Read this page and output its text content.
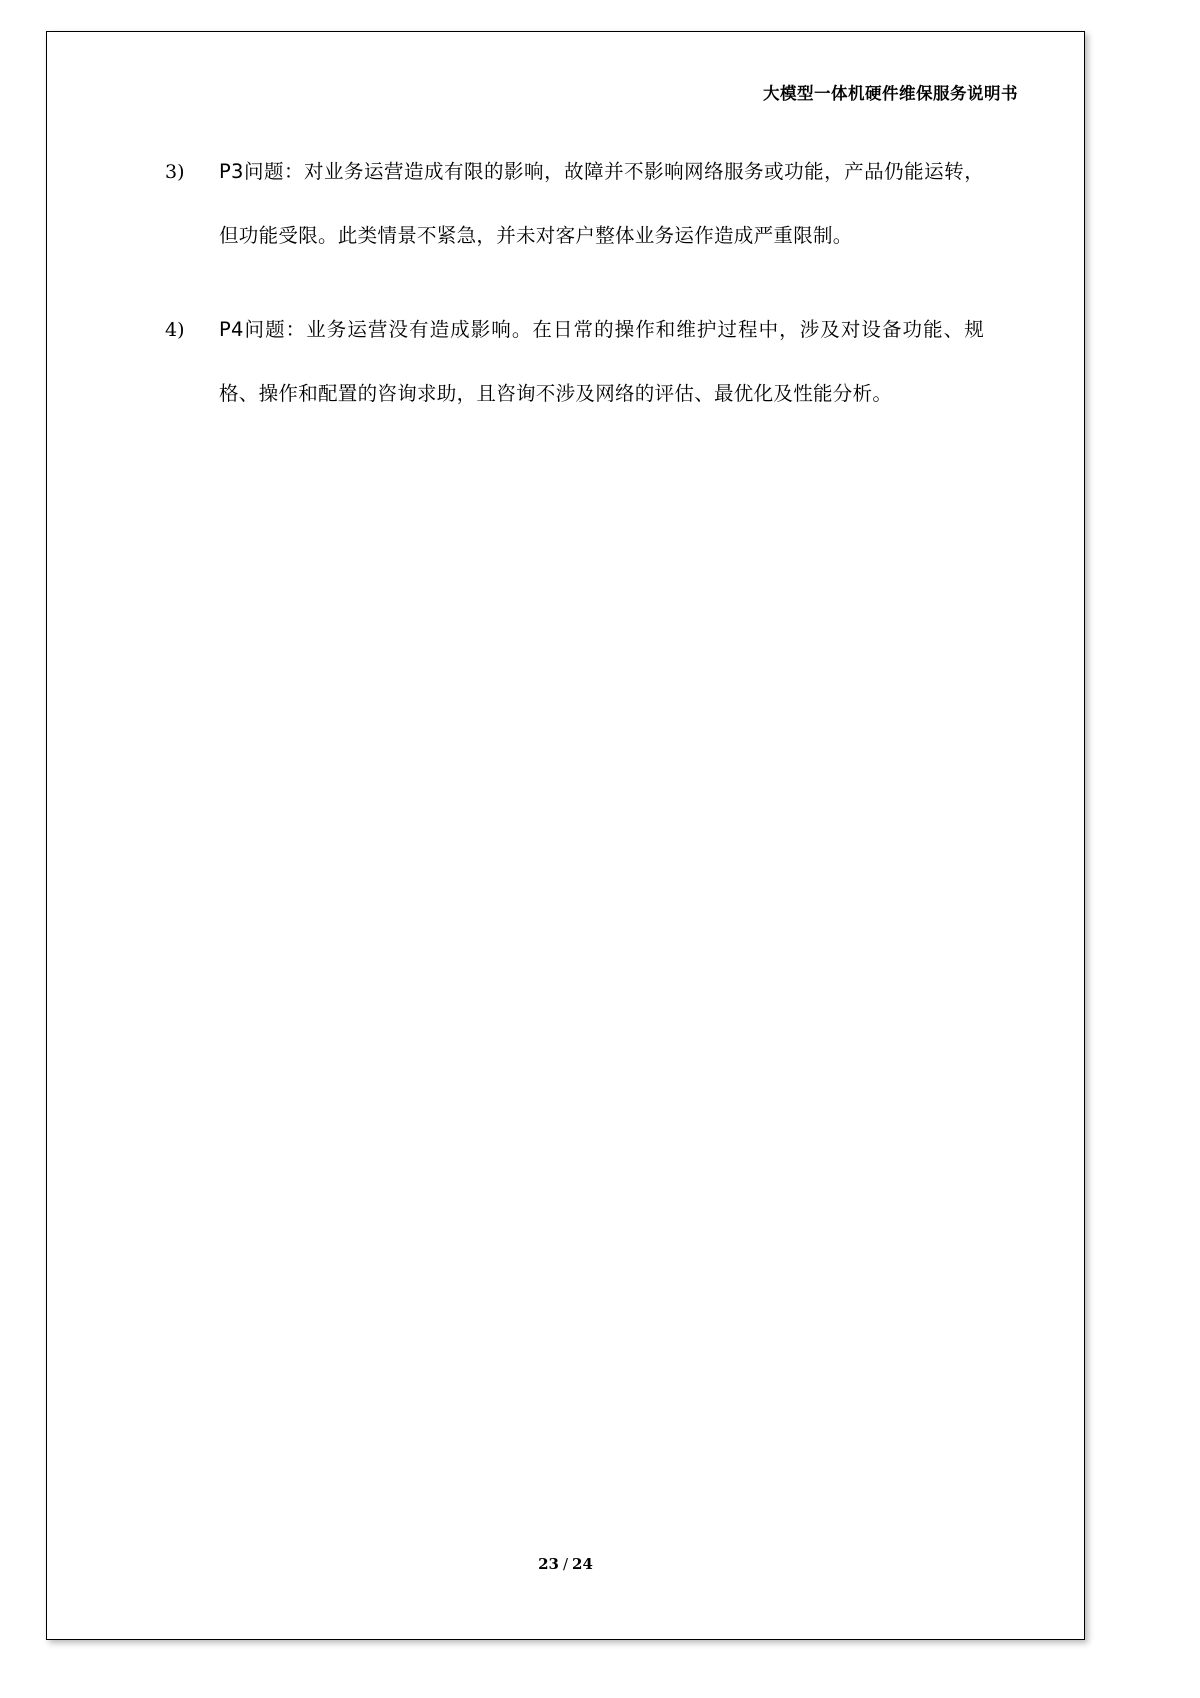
大模型一体机硬件维保服务说明书
3)	P3问题：对业务运营造成有限的影响，故障并不影响网络服务或功能，产品仍能运转，但功能受限。此类情景不紧急，并未对客户整体业务运作造成严重限制。
4)	P4问题：业务运营没有造成影响。在日常的操作和维护过程中，涉及对设备功能、规格、操作和配置的咨询求助，且咨询不涉及网络的评估、最优化及性能分析。
23 / 24
